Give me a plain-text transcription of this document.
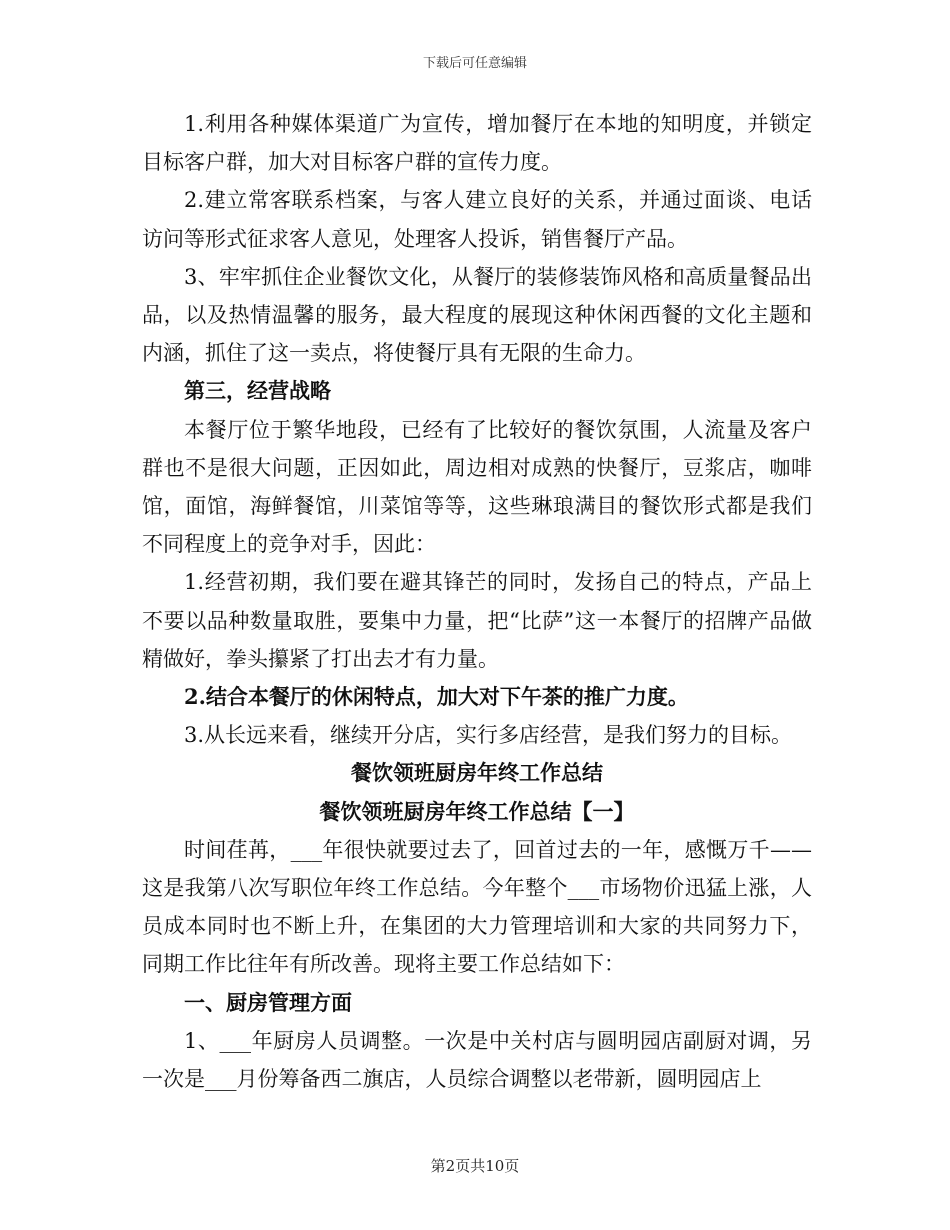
下载后可任意编辑

1.利用各种媒体渠道广为宣传，增加餐厅在本地的知明度，并锁定目标客户群，加大对目标客户群的宣传力度。

2.建立常客联系档案，与客人建立良好的关系，并通过面谈、电话访问等形式征求客人意见，处理客人投诉，销售餐厅产品。

3、牢牢抓住企业餐饮文化，从餐厅的装修装饰风格和高质量餐品出品，以及热情温馨的服务，最大程度的展现这种休闲西餐的文化主题和内涵，抓住了这一卖点，将使餐厅具有无限的生命力。

第三，经营战略

本餐厅位于繁华地段，已经有了比较好的餐饮氛围，人流量及客户群也不是很大问题，正因如此，周边相对成熟的快餐厅，豆浆店，咖啡馆，面馆，海鲜餐馆，川菜馆等等，这些琳琅满目的餐饮形式都是我们不同程度上的竞争对手，因此：

1.经营初期，我们要在避其锋芒的同时，发扬自己的特点，产品上不要以品种数量取胜，要集中力量，把“比萨”这一本餐厅的招牌产品做精做好，拳头攥紧了打出去才有力量。

2.结合本餐厅的休闲特点，加大对下午茶的推广力度。

3.从长远来看，继续开分店，实行多店经营，是我们努力的目标。

餐饮领班厨房年终工作总结

餐饮领班厨房年终工作总结【一】

时间荏苒，___年很快就要过去了，回首过去的一年，感慨万千——这是我第八次写职位年终工作总结。今年整个___市场物价迅猛上涨，人员成本同时也不断上升，在集团的大力管理培训和大家的共同努力下，同期工作比往年有所改善。现将主要工作总结如下：

一、厨房管理方面

1、___年厨房人员调整。一次是中关村店与圆明园店副厨对调，另一次是___月份筹备西二旗店，人员综合调整以老带新，圆明园店上

第2页共10页
